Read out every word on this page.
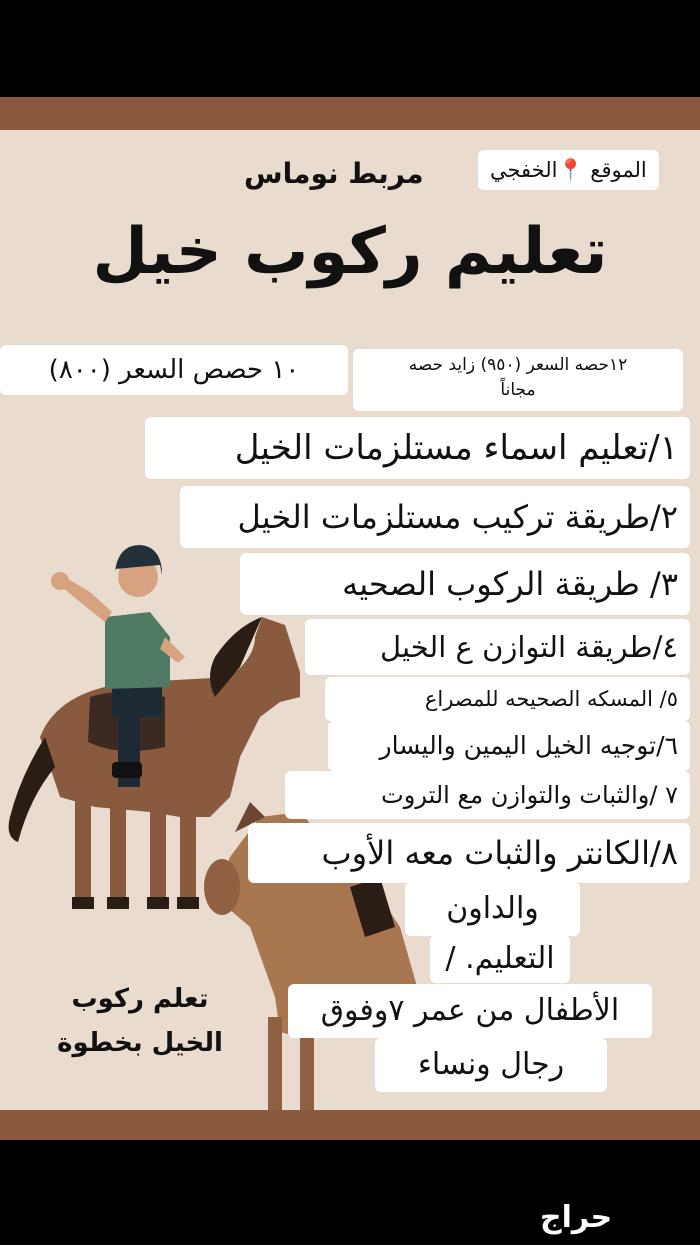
الموقع 📍الخفجي
مربط نوماس
تعليم ركوب خيل
١٠ حصص السعر (٨٠٠)	١٢حصه السعر (٩٥٠) زايد حصه
مجاناً
١/تعليم اسماء مستلزمات الخيل
٢/طريقة تركيب مستلزمات الخيل
٣/ طريقة الركوب الصحيه
٤/طريقة التوازن ع الخيل
٥/ المسكه الصحيحه للمصراع
٦/توجيه الخيل اليمين واليسار
٧ /والثبات والتوازن مع التروت
٨/الكانتر والثبات معه الأوب
والداون
التعليم. /
الأطفال من عمر ٧وفوق
رجال ونساء
تعلم ركوب
الخيل بخطوة
حراج
